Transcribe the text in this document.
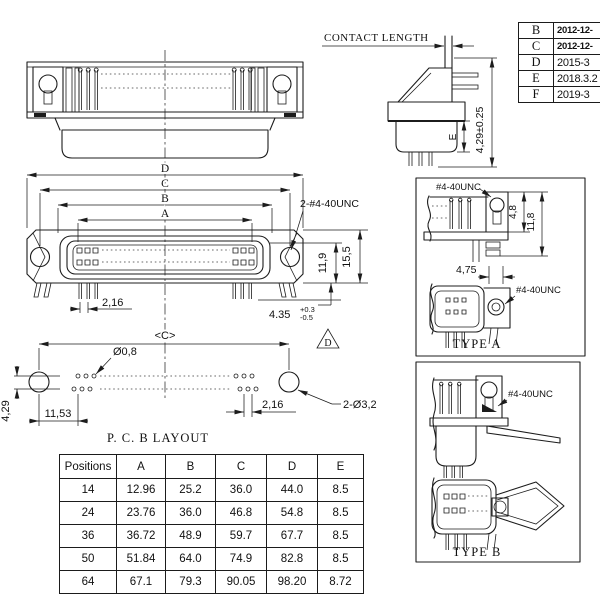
CONTACT LENGTH
E 4,29±0.25
D
C
B
A
2,16
11,9 15,5
2-#4-40UNC
4.35 +0.3
-0.5
D
<C>
Ø0,8
4,29	11,53
2,16	2-Ø3,2
P. C. B LAYOUT
#4-40UNC
4,8
11,8
4,75
#4-40UNC
TYPE A
#4-40UNC
TYPE B
B	2012-12-
C	2012-12-
D	2015-3
E	2018.3.2
F	2019-3
Positions	A	B	C	D	E
14	12.96	25.2	36.0	44.0	8.5
24	23.76	36.0	46.8	54.8	8.5
36	36.72	48.9	59.7	67.7	8.5
50	51.84	64.0	74.9	82.8	8.5
64	67.1	79.3	90.05	98.20	8.72
